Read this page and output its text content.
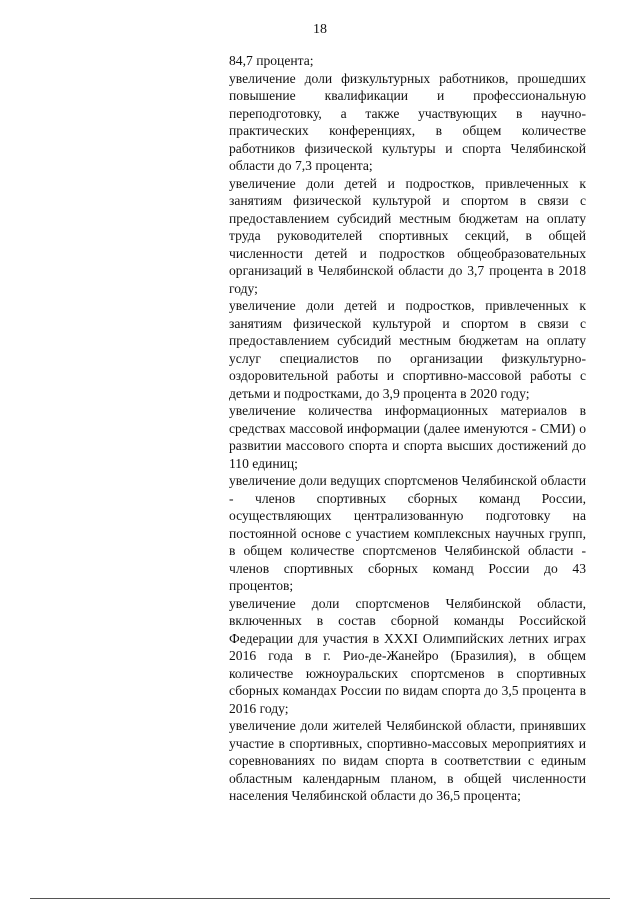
18

84,7 процента;

увеличение доли физкультурных работников, прошедших повышение квалификации и профессиональную переподготовку, а также участвующих в научно-практических конференциях, в общем количестве работников физической культуры и спорта Челябинской области до 7,3 процента;

увеличение доли детей и подростков, привлеченных к занятиям физической культурой и спортом в связи с предоставлением субсидий местным бюджетам на оплату труда руководителей спортивных секций, в общей численности детей и подростков общеобразовательных организаций в Челябинской области до 3,7 процента в 2018 году;

увеличение доли детей и подростков, привлеченных к занятиям физической культурой и спортом в связи с предоставлением субсидий местным бюджетам на оплату услуг специалистов по организации физкультурно-оздоровительной работы и спортивно-массовой работы с детьми и подростками, до 3,9 процента в 2020 году;

увеличение количества информационных материалов в средствах массовой информации (далее именуются - СМИ) о развитии массового спорта и спорта высших достижений до 110 единиц;

увеличение доли ведущих спортсменов Челябинской области - членов спортивных сборных команд России, осуществляющих централизованную подготовку на постоянной основе с участием комплексных научных групп, в общем количестве спортсменов Челябинской области - членов спортивных сборных команд России до 43 процентов;

увеличение доли спортсменов Челябинской области, включенных в состав сборной команды Российской Федерации для участия в XXXI Олимпийских летних играх 2016 года в г. Рио-де-Жанейро (Бразилия), в общем количестве южноуральских спортсменов в спортивных сборных командах России по видам спорта до 3,5 процента в 2016 году;

увеличение доли жителей Челябинской области, принявших участие в спортивных, спортивно-массовых мероприятиях и соревнованиях по видам спорта в соответствии с единым областным календарным планом, в общей численности населения Челябинской области до 36,5 процента;
